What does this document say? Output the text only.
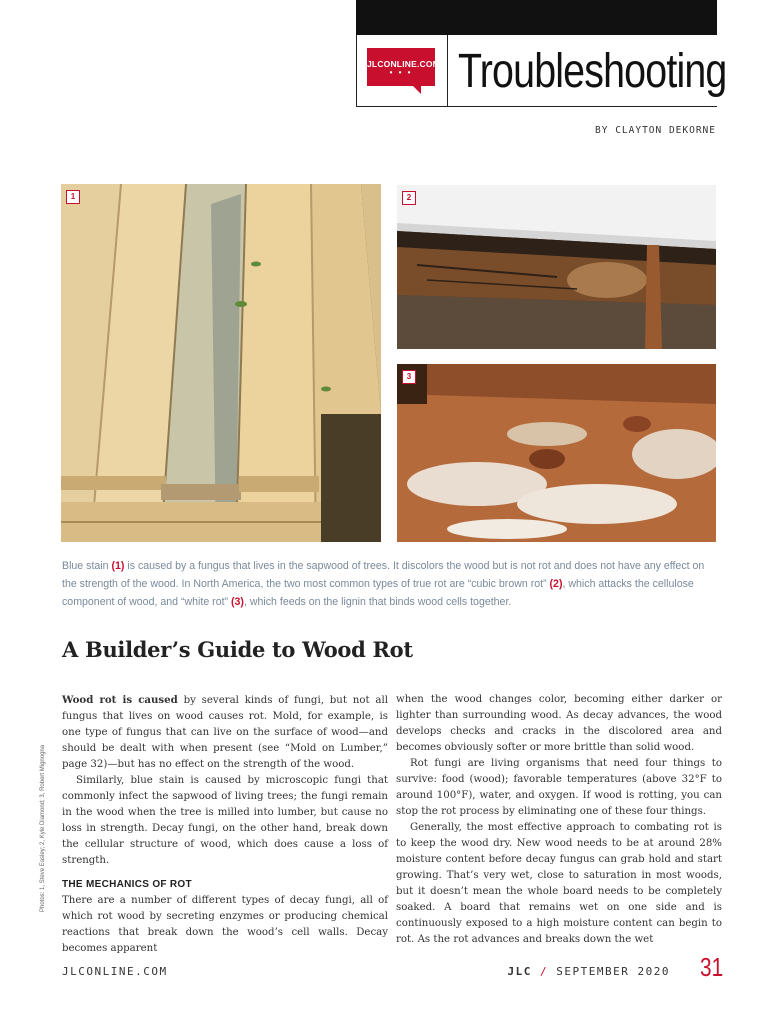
JLCONLINE.COM
• • • Troubleshooting
BY CLAYTON DEKORNE
1	2
3
Blue stain (1) is caused by a fungus that lives in the sapwood of trees. It discolors the wood but is not rot and does not have any effect on the strength of the wood. In North America, the two most common types of true rot are “cubic brown rot” (2), which attacks the cellulose component of wood, and “white rot” (3), which feeds on the lignin that binds wood cells together.
A Builder’s Guide to Wood Rot

Wood rot is caused by several kinds of fungi, but not all fungus that lives on wood causes rot. Mold, for example, is one type of fungus that can live on the surface of wood—and should be dealt with when present (see “Mold on Lumber,” page 32)—but has no effect on the strength of the wood.

Similarly, blue stain is caused by microscopic fungi that commonly infect the sapwood of living trees; the fungi remain in the wood when the tree is milled into lumber, but cause no loss in strength. Decay fungi, on the other hand, break down the cellular structure of wood, which does cause a loss of strength.

THE MECHANICS OF ROT

There are a number of different types of decay fungi, all of which rot wood by secreting enzymes or producing chemical reactions that break down the wood’s cell walls. Decay becomes apparent

when the wood changes color, becoming either darker or lighter than surrounding wood. As decay advances, the wood develops checks and cracks in the discolored area and becomes obviously softer or more brittle than solid wood.

Rot fungi are living organisms that need four things to survive: food (wood); favorable temperatures (above 32°F to around 100°F), water, and oxygen. If wood is rotting, you can stop the rot process by eliminating one of these four things.

Generally, the most effective approach to combating rot is to keep the wood dry. New wood needs to be at around 28% moisture content before decay fungus can grab hold and start growing. That’s very wet, close to saturation in most woods, but it doesn’t mean the whole board needs to be completely soaked. A board that remains wet on one side and is continuously exposed to a high moisture content can begin to rot. As the rot advances and breaks down the wet

Photos: 1, Steve Easley; 2, Kyle Diamond; 3, Robert Mignogna
JLCONLINE.COM	JLC / SEPTEMBER 2020 31
